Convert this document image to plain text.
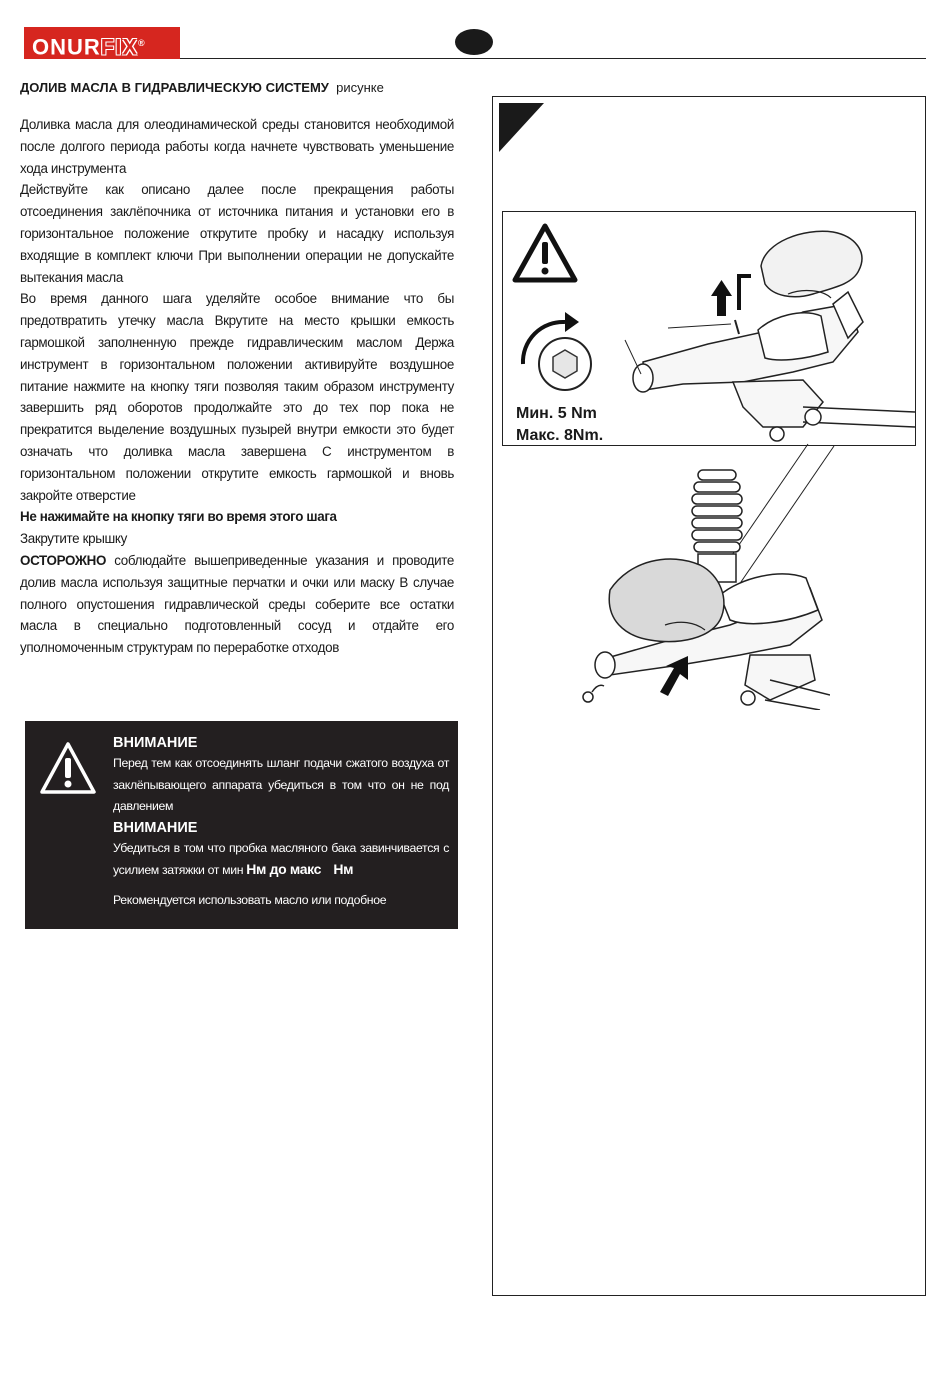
ONURFIX®
ДОЛИВ МАСЛА В ГИДРАВЛИЧЕСКУЮ СИСТЕМУ рисунке

Доливка масла для олеодинамической среды становится необходимой после долгого периода работы когда начнете чувствовать уменьшение хода инструмента

Действуйте как описано далее после прекращения работы отсоединения заклёпочника от источника питания и установки его в горизонтальное положение открутите пробку и насадку используя входящие в комплект ключи При выполнении операции не допускайте вытекания масла

Во время данного шага уделяйте особое внимание что бы предотвратить утечку масла Вкрутите на место крышки емкость гармошкой заполненную прежде гидравлическим маслом Держа инструмент в горизонтальном положении активируйте воздушное питание нажмите на кнопку тяги позволяя таким образом инструменту завершить ряд оборотов продолжайте это до тех пор пока не прекратится выделение воздушных пузырей внутри емкости это будет означать что доливка масла завершена С инструментом в горизонтальном положении открутите емкость гармошкой и вновь закройте отверстие

Не нажимайте на кнопку тяги во время этого шага

Закрутите крышку

ОСТОРОЖНО соблюдайте вышеприведенные указания и проводите долив масла используя защитные перчатки и очки или маску В случае полного опустошения гидравлической среды соберите все остатки масла в специально подготовленный сосуд и отдайте его уполномоченным структурам по переработке отходов

ВНИМАНИЕ

Перед тем как отсоединять шланг подачи сжатого воздуха от заклёпывающего аппарата убедиться в том что он не под давлением

ВНИМАНИЕ

Убедиться в том что пробка масляного бака завинчивается с усилием затяжки от мин Нм до макс Нм

Рекомендуется использовать масло или подобное

Мин. 5 Nm
Макс. 8Nm.
